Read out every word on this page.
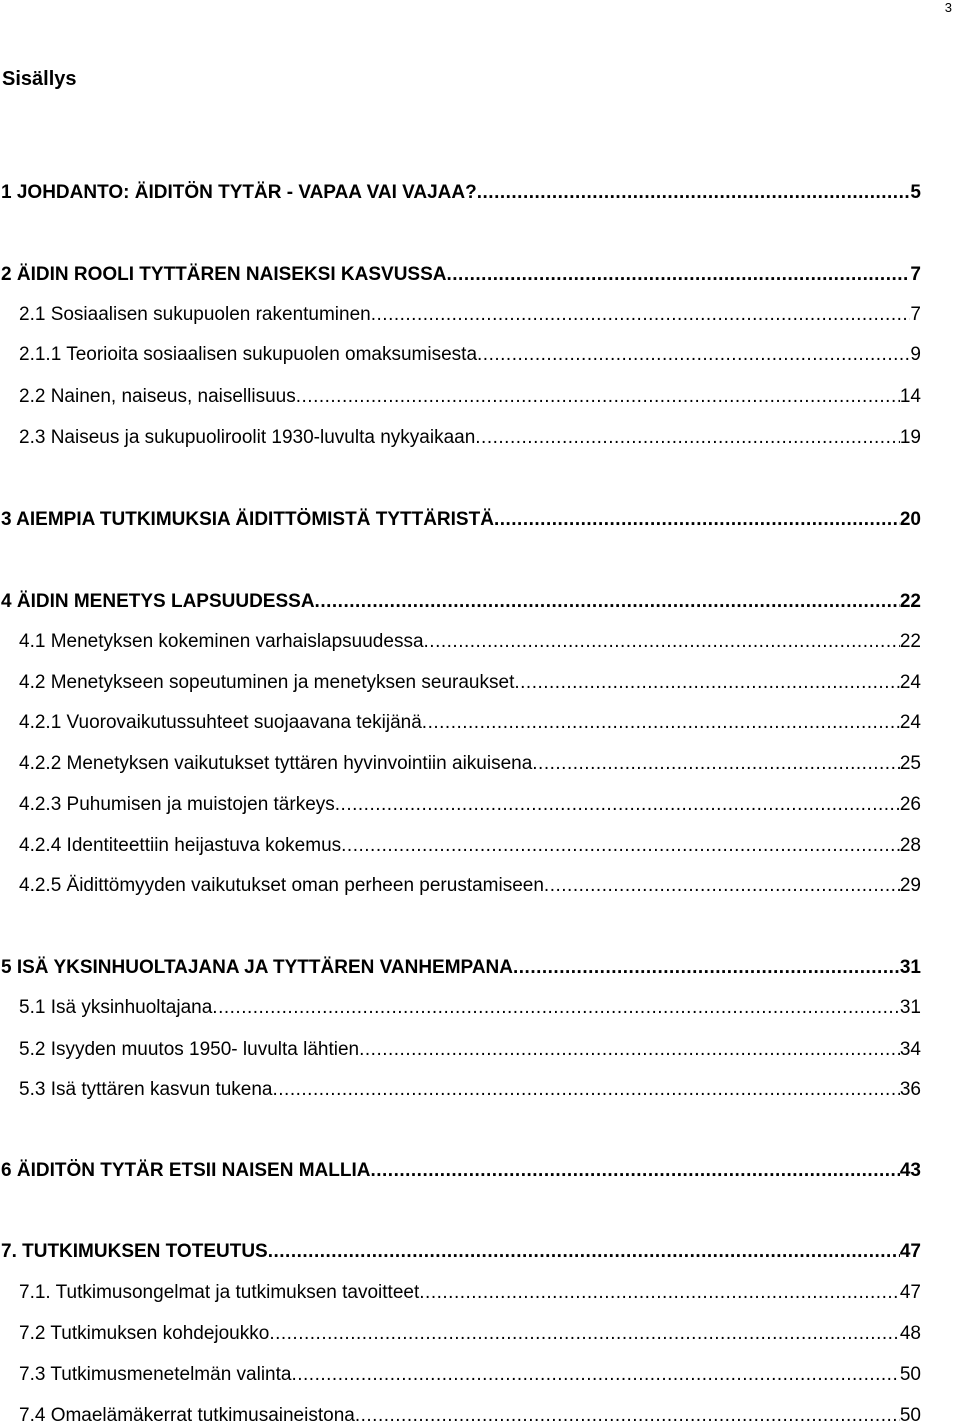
3
Sisällys
1 JOHDANTO: ÄIDITÖN TYTÄR - VAPAA VAI VAJAA? .....	5
2 ÄIDIN ROOLI TYTTÄREN NAISEKSI KASVUSSA .....	7
2.1 Sosiaalisen sukupuolen rakentuminen .....	7
2.1.1 Teorioita sosiaalisen sukupuolen omaksumisesta .....	9
2.2 Nainen, naiseus, naisellisuus .....	14
2.3 Naiseus ja sukupuoliroolit 1930-luvulta nykyaikaan .....	19
3 AIEMPIA TUTKIMUKSIA ÄIDITTÖMISTÄ TYTTÄRISTÄ .....	20
4 ÄIDIN MENETYS LAPSUUDESSA .....	22
4.1 Menetyksen kokeminen varhaislapsuudessa .....	22
4.2 Menetykseen sopeutuminen ja menetyksen seuraukset .....	24
4.2.1 Vuorovaikutussuhteet suojaavana tekijänä .....	24
4.2.2 Menetyksen vaikutukset tyttären hyvinvointiin aikuisena .....	25
4.2.3 Puhumisen ja muistojen tärkeys .....	26
4.2.4 Identiteettiin heijastuva kokemus .....	28
4.2.5 Äidittömyyden vaikutukset oman perheen perustamiseen .....	29
5 ISÄ YKSINHUOLTAJANA JA TYTTÄREN VANHEMPANA .....	31
5.1 Isä yksinhuoltajana .....	31
5.2 Isyyden muutos 1950- luvulta lähtien .....	34
5.3 Isä tyttären kasvun tukena .....	36
6 ÄIDITÖN TYTÄR ETSII NAISEN MALLIA .....	43
7. TUTKIMUKSEN TOTEUTUS .....	47
7.1. Tutkimusongelmat ja tutkimuksen tavoitteet .....	47
7.2 Tutkimuksen kohdejoukko .....	48
7.3 Tutkimusmenetelmän valinta .....	50
7.4 Omaelämäkerrat tutkimusaineistona .....	50
